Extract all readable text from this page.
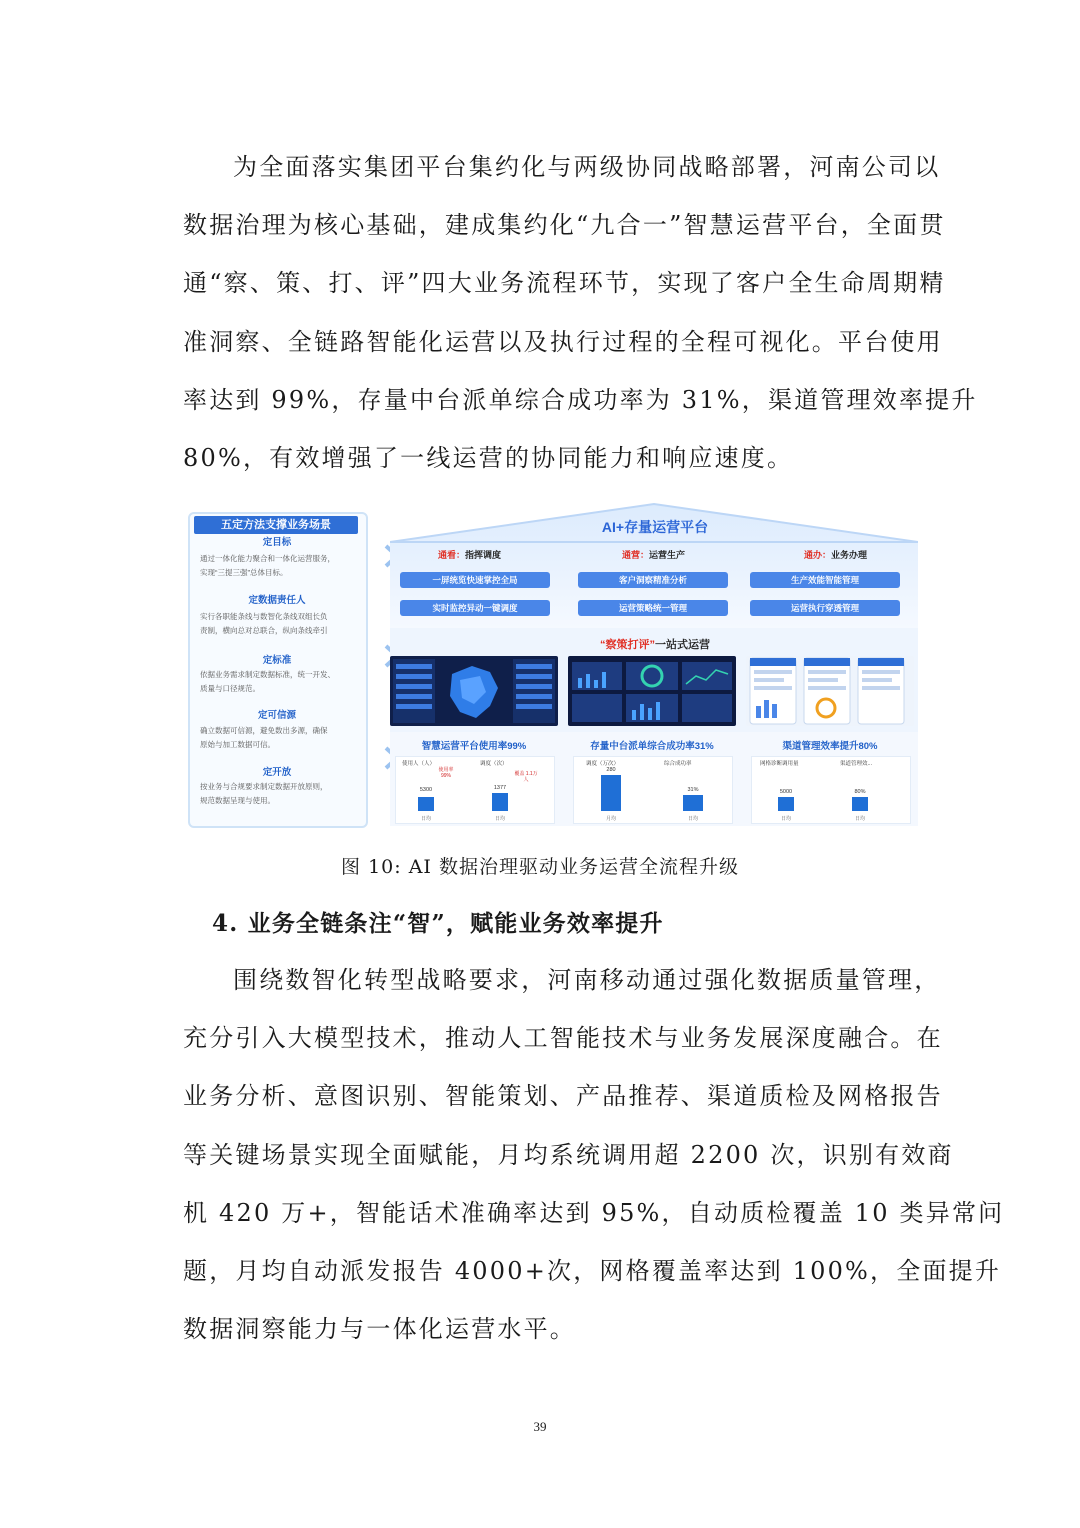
为全面落实集团平台集约化与两级协同战略部署，河南公司以
数据治理为核心基础，建成集约化“九合一”智慧运营平台，全面贯
通“察、策、打、评”四大业务流程环节，实现了客户全生命周期精
准洞察、全链路智能化运营以及执行过程的全程可视化。平台使用
率达到 99%，存量中台派单综合成功率为 31%，渠道管理效率提升
80%，有效增强了一线运营的协同能力和响应速度。
五定方法支撑业务场景
定目标
通过一体化能力聚合和一体化运营服务，
实现“三提三强”总体目标。
定数据责任人
实行各职能条线与数智化条线双组长负
责制，横向总对总联合，纵向条线牵引
定标准
依据业务需求制定数据标准，统一开发、
质量与口径规范。
定可信源
确立数据可信源，避免数出多源，确保
原始与加工数据可信。
定开放
按业务与合规要求制定数据开放原则，
规范数据呈现与使用。
AI+存量运营平台
通看：指挥调度	通营：运营生产	通办：业务办理
一屏统览快速掌控全局
实时监控异动一键调度
客户洞察精准分析
运营策略统一管理
生产效能智能管理
运营执行穿透管理
“察策打评”一站式运营
智慧运营平台使用率99%	存量中台派单综合成功率31%	渠道管理效率提升80%
使用人（人）	调度（次）
使用率 99%	覆盖 1.1万人
5300	1377
日均	日均
调度（万次）	综合成功率
280
31%
月均	日均
网格诊断调用量	渠道管理效...
5000	80%
日均	日均
图 10: AI 数据治理驱动业务运营全流程升级
4. 业务全链条注“智”，赋能业务效率提升
围绕数智化转型战略要求，河南移动通过强化数据质量管理，
充分引入大模型技术，推动人工智能技术与业务发展深度融合。在
业务分析、意图识别、智能策划、产品推荐、渠道质检及网格报告
等关键场景实现全面赋能，月均系统调用超 2200 次，识别有效商
机 420 万+，智能话术准确率达到 95%，自动质检覆盖 10 类异常问
题，月均自动派发报告 4000+次，网格覆盖率达到 100%，全面提升
数据洞察能力与一体化运营水平。
39
